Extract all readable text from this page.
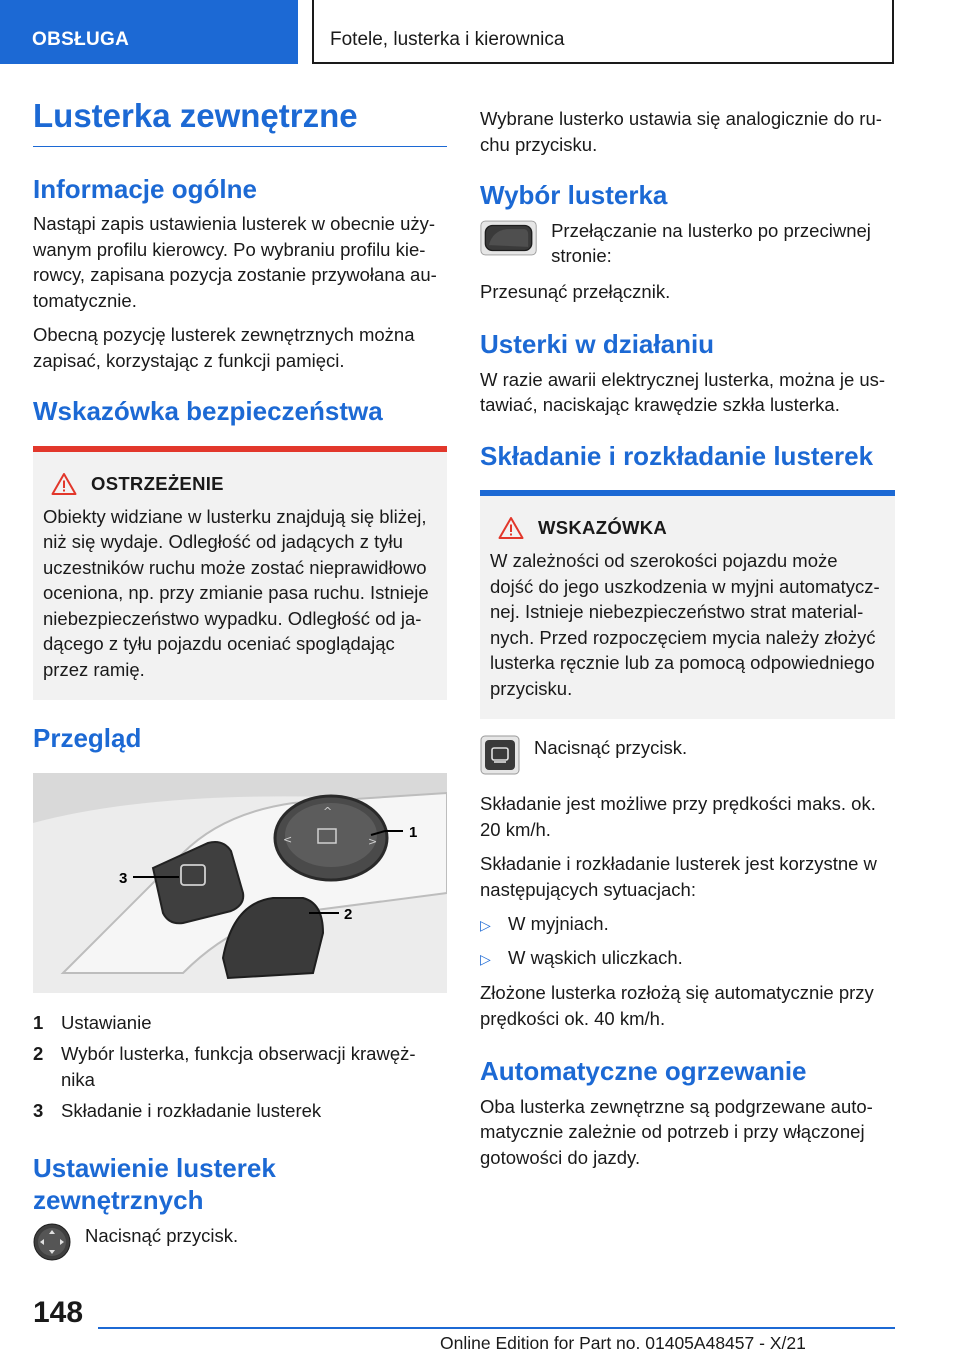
OBSŁUGA	Fotele, lusterka i kierownica
Lusterka zewnętrzne
Informacje ogólne

Nastąpi zapis ustawienia lusterek w obecnie uży-wanym profilu kierowcy. Po wybraniu profilu kie-rowcy, zapisana pozycja zostanie przywołana au-tomatycznie.

Obecną pozycję lusterek zewnętrznych można zapisać, korzystając z funkcji pamięci.

Wskazówka bezpieczeństwa
OSTRZEŻENIE

Obiekty widziane w lusterku znajdują się bliżej, niż się wydaje. Odległość od jadących z tyłu uczestników ruchu może zostać nieprawidłowo oceniona, np. przy zmianie pasa ruchu. Istnieje niebezpieczeństwo wypadku. Odległość od ja-dącego z tyłu pojazdu oceniać spoglądając przez ramię.

Przegląd
^
<	>
1
2
3
1 Ustawianie
2 Wybór lusterka, funkcja obserwacji krawęż-nika
3 Składanie i rozkładanie lusterek
Ustawienie lusterek zewnętrznych

Nacisnąć przycisk.

Wybrane lusterko ustawia się analogicznie do ru-chu przycisku.

Wybór lusterka

Przełączanie na lusterko po przeciwnej stronie:

Przesunąć przełącznik.

Usterki w działaniu

W razie awarii elektrycznej lusterka, można je us-tawiać, naciskając krawędzie szkła lusterka.

Składanie i rozkładanie lusterek
WSKAZÓWKA

W zależności od szerokości pojazdu może dojść do jego uszkodzenia w myjni automatycz-nej. Istnieje niebezpieczeństwo strat material-nych. Przed rozpoczęciem mycia należy złożyć lusterka ręcznie lub za pomocą odpowiedniego przycisku.

Nacisnąć przycisk.

Składanie jest możliwe przy prędkości maks. ok. 20 km/h.

Składanie i rozkładanie lusterek jest korzystne w następujących sytuacjach:

▷ W myjniach.
▷ W wąskich uliczkach.

Złożone lusterka rozłożą się automatycznie przy prędkości ok. 40 km/h.

Automatyczne ogrzewanie

Oba lusterka zewnętrzne są podgrzewane auto-matycznie zależnie od potrzeb i przy włączonej gotowości do jazdy.

148
Online Edition for Part no. 01405A48457 - X/21
